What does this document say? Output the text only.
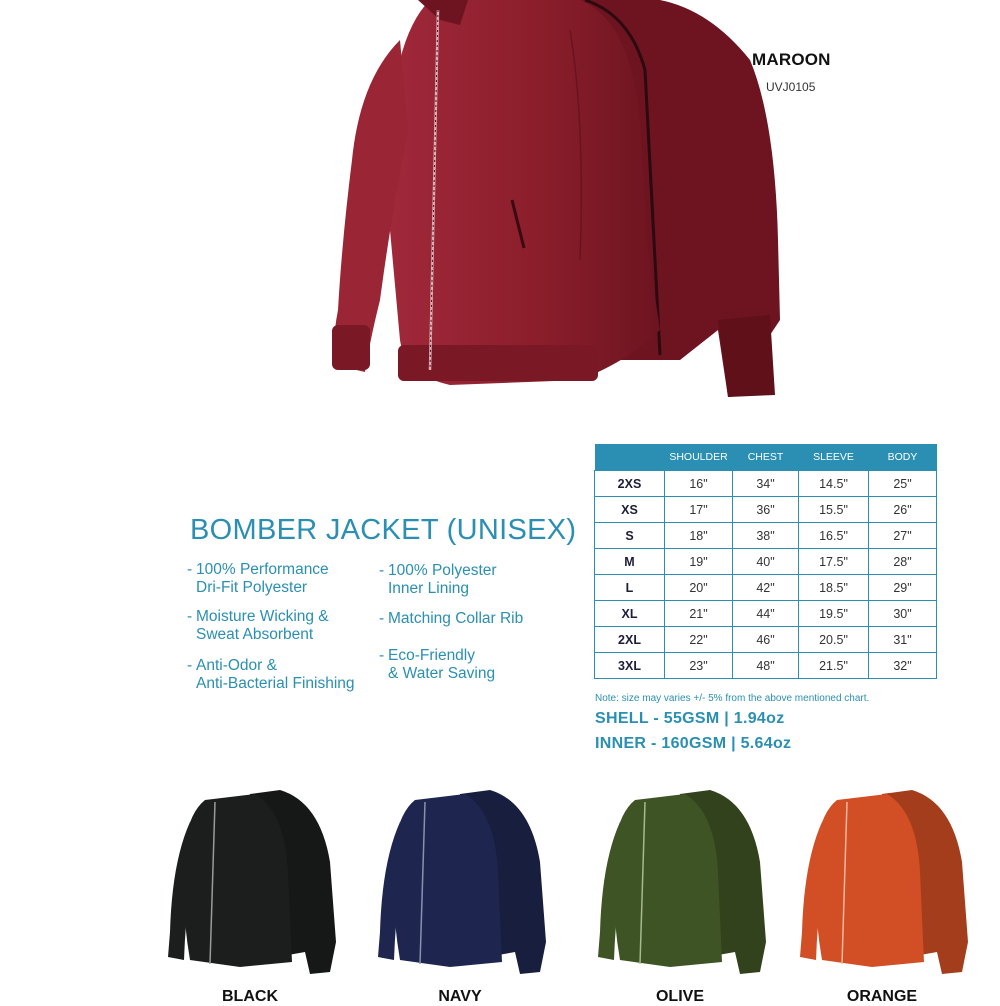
MAROON
UVJ0105
BOMBER JACKET (UNISEX)
- 100% Performance
Dri-Fit Polyester
- Moisture Wicking &
Sweat Absorbent
- Anti-Odor &
Anti-Bacterial Finishing
- 100% Polyester
Inner Lining
- Matching Collar Rib
- Eco-Friendly
& Water Saving
	SHOULDER	CHEST	SLEEVE	BODY
2XS	16"	34"	14.5"	25"
XS	17"	36"	15.5"	26"
S	18"	38"	16.5"	27"
M	19"	40"	17.5"	28"
L	20"	42"	18.5"	29"
XL	21"	44"	19.5"	30"
2XL	22"	46"	20.5"	31"
3XL	23"	48"	21.5"	32"
Note: size may varies +/- 5% from the above mentioned chart.
SHELL - 55GSM | 1.94oz
INNER - 160GSM | 5.64oz
BLACK	NAVY	OLIVE	ORANGE
